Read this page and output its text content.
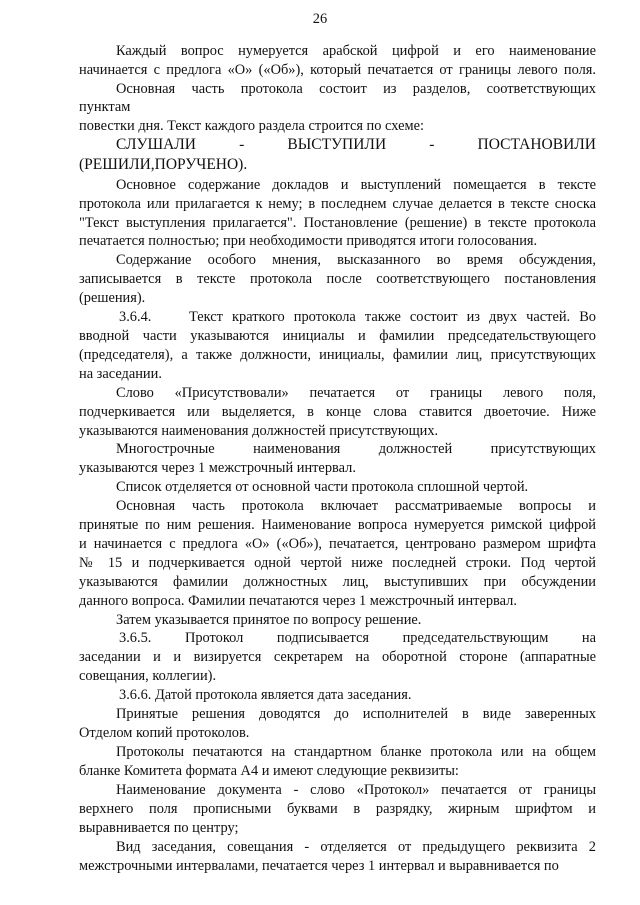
26
Каждый вопрос нумеруется арабской цифрой и его наименование
начинается с предлога «О» («Об»), который печатается от границы левого поля.
Основная часть протокола состоит из разделов, соответствующих
пунктам
повестки дня. Текст каждого раздела строится по схеме:
СЛУШАЛИ - ВЫСТУПИЛИ - ПОСТАНОВИЛИ
(РЕШИЛИ,ПОРУЧЕНО).
Основное содержание докладов и выступлений помещается в тексте
протокола или прилагается к нему; в последнем случае делается в тексте сноска
"Текст выступления прилагается". Постановление (решение) в тексте протокола
печатается полностью; при необходимости приводятся итоги голосования.
Содержание особого мнения, высказанного во время обсуждения,
записывается в тексте протокола после соответствующего постановления
(решения).
3.6.4.	Текст краткого протокола также состоит из двух частей. Во
вводной части указываются инициалы и фамилии председательствующего
(председателя), а также должности, инициалы, фамилии лиц, присутствующих
на заседании.
Слово «Присутствовали» печатается от границы левого поля,
подчеркивается или выделяется, в конце слова ставится двоеточие. Ниже
указываются наименования должностей присутствующих.
Многострочные наименования должностей присутствующих
указываются через 1 межстрочный интервал.
Список отделяется от основной части протокола сплошной чертой.
Основная часть протокола включает рассматриваемые вопросы и
принятые по ним решения. Наименование вопроса нумеруется римской цифрой
и начинается с предлога «О» («Об»), печатается, центровано размером шрифта
№ 15 и подчеркивается одной чертой ниже последней строки. Под чертой
указываются фамилии должностных лиц, выступивших при обсуждении
данного вопроса. Фамилии печатаются через 1 межстрочный интервал.
Затем указывается принятое по вопросу решение.
3.6.5. Протокол подписывается председательствующим на
заседании и и визируется секретарем на оборотной стороне (аппаратные
совещания, коллегии).
3.6.6. Датой протокола является дата заседания.
Принятые решения доводятся до исполнителей в виде заверенных
Отделом копий протоколов.
Протоколы печатаются на стандартном бланке протокола или на общем
бланке Комитета формата А4 и имеют следующие реквизиты:
Наименование документа - слово «Протокол» печатается от границы
верхнего поля прописными буквами в разрядку, жирным шрифтом и
выравнивается по центру;
Вид заседания, совещания - отделяется от предыдущего реквизита 2
межстрочными интервалами, печатается через 1 интервал и выравнивается по
